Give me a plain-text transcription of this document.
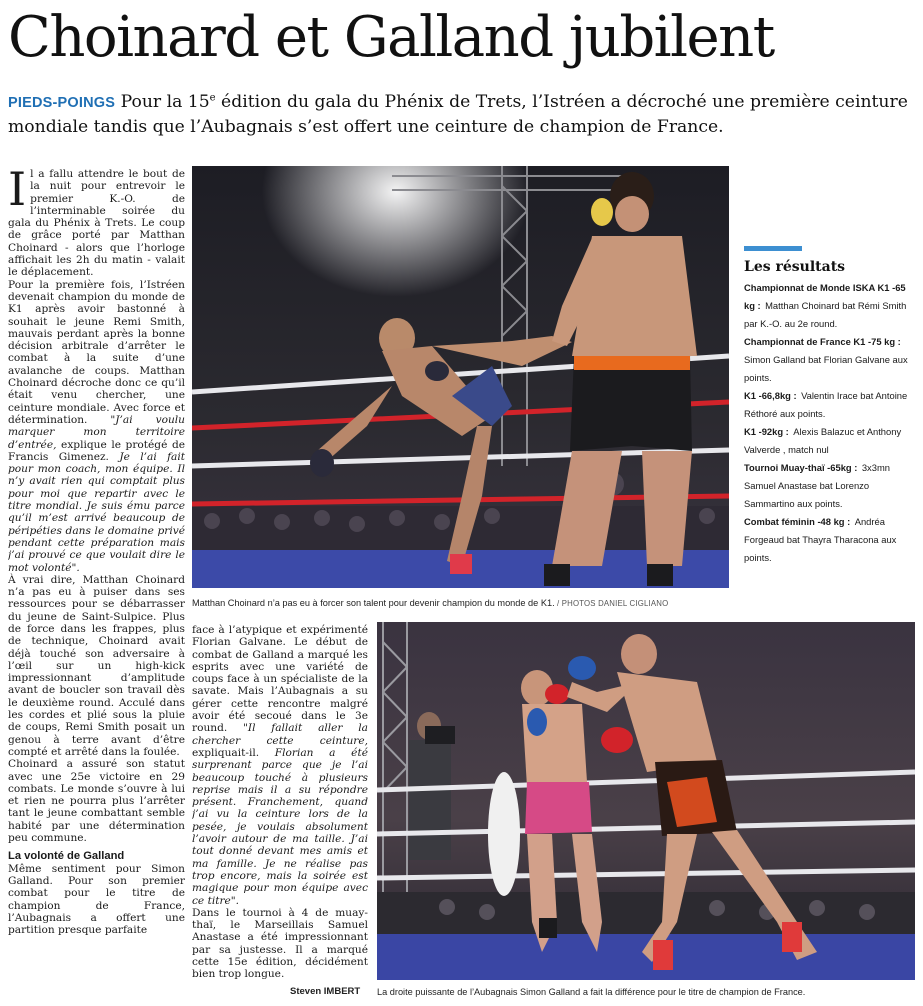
Choinard et Galland jubilent
PIEDS-POINGS Pour la 15e édition du gala du Phénix de Trets, l’Istréen a décroché une première ceinture mondiale tandis que l’Aubagnais s’est offert une ceinture de champion de France.

I l a fallu attendre le bout de la nuit pour entrevoir le premier K.-O. de l’interminable soirée du gala du Phénix à Trets. Le coup de grâce porté par Matthan Choinard - alors que l’horloge affichait les 2h du matin - valait le déplacement.

Pour la première fois, l’Istréen devenait champion du monde de K1 après avoir bastonné à souhait le jeune Remi Smith, mauvais perdant après la bonne décision arbitrale d’arrêter le combat à la suite d’une avalanche de coups. Matthan Choinard décroche donc ce qu’il était venu chercher, une ceinture mondiale. Avec force et détermination. "J’ai voulu marquer mon territoire d’entrée, explique le protégé de Francis Gimenez. Je l’ai fait pour mon coach, mon équipe. Il n’y avait rien qui comptait plus pour moi que repartir avec le titre mondial. Je suis ému parce qu’il m’est arrivé beaucoup de péripéties dans le domaine privé pendant cette préparation mais j’ai prouvé ce que voulait dire le mot volonté".

À vrai dire, Matthan Choinard n’a pas eu à puiser dans ses ressources pour se débarrasser du jeune de Saint-Sulpice. Plus de force dans les frappes, plus de technique, Choinard avait déjà touché son adversaire à l’œil sur un high-kick impressionnant d’amplitude avant de boucler son travail dès le deuxième round. Acculé dans les cordes et plié sous la pluie de coups, Remi Smith posait un genou à terre avant d’être compté et arrêté dans la foulée.

Choinard a assuré son statut avec une 25e victoire en 29 combats. Le monde s’ouvre à lui et rien ne pourra plus l’arrêter tant le jeune combattant semble habité par une détermination peu commune.

La volonté de Galland

Même sentiment pour Simon Galland. Pour son premier combat pour le titre de champion de France, l’Aubagnais a offert une partition presque parfaite

Matthan Choinard n’a pas eu à forcer son talent pour devenir champion du monde de K1. / PHOTOS DANIEL CIGLIANO
Les résultats
Championnat de Monde ISKA K1 -65 kg : Matthan Choinard bat Rémi Smith par K.-O. au 2e round.
Championnat de France K1 -75 kg : Simon Galland bat Florian Galvane aux points.
K1 -66,8kg : Valentin Irace bat Antoine Réthoré aux points.
K1 -92kg : Alexis Balazuc et Anthony Valverde , match nul
Tournoi Muay-thaï -65kg : 3x3mn Samuel Anastase bat Lorenzo Sammartino aux points.
Combat féminin -48 kg : Andréa Forgeaud bat Thayra Tharacona aux points.

face à l’atypique et expérimenté Florian Galvane. Le début de combat de Galland a marqué les esprits avec une variété de coups face à un spécialiste de la savate. Mais l’Aubagnais a su gérer cette rencontre malgré avoir été secoué dans le 3e round. "Il fallait aller la chercher cette ceinture, expliquait-il. Florian a été surprenant parce que je l’ai beaucoup touché à plusieurs reprise mais il a su répondre présent. Franchement, quand j’ai vu la ceinture lors de la pesée, je voulais absolument l’avoir autour de ma taille. J’ai tout donné devant mes amis et ma famille. Je ne réalise pas trop encore, mais la soirée est magique pour mon équipe avec ce titre".

Dans le tournoi à 4 de muay-thaï, le Marseillais Samuel Anastase a été impressionnant par sa justesse. Il a marqué cette 15e édition, décidément bien trop longue.

Steven IMBERT La droite puissante de l’Aubagnais Simon Galland a fait la différence pour le titre de champion de France.
